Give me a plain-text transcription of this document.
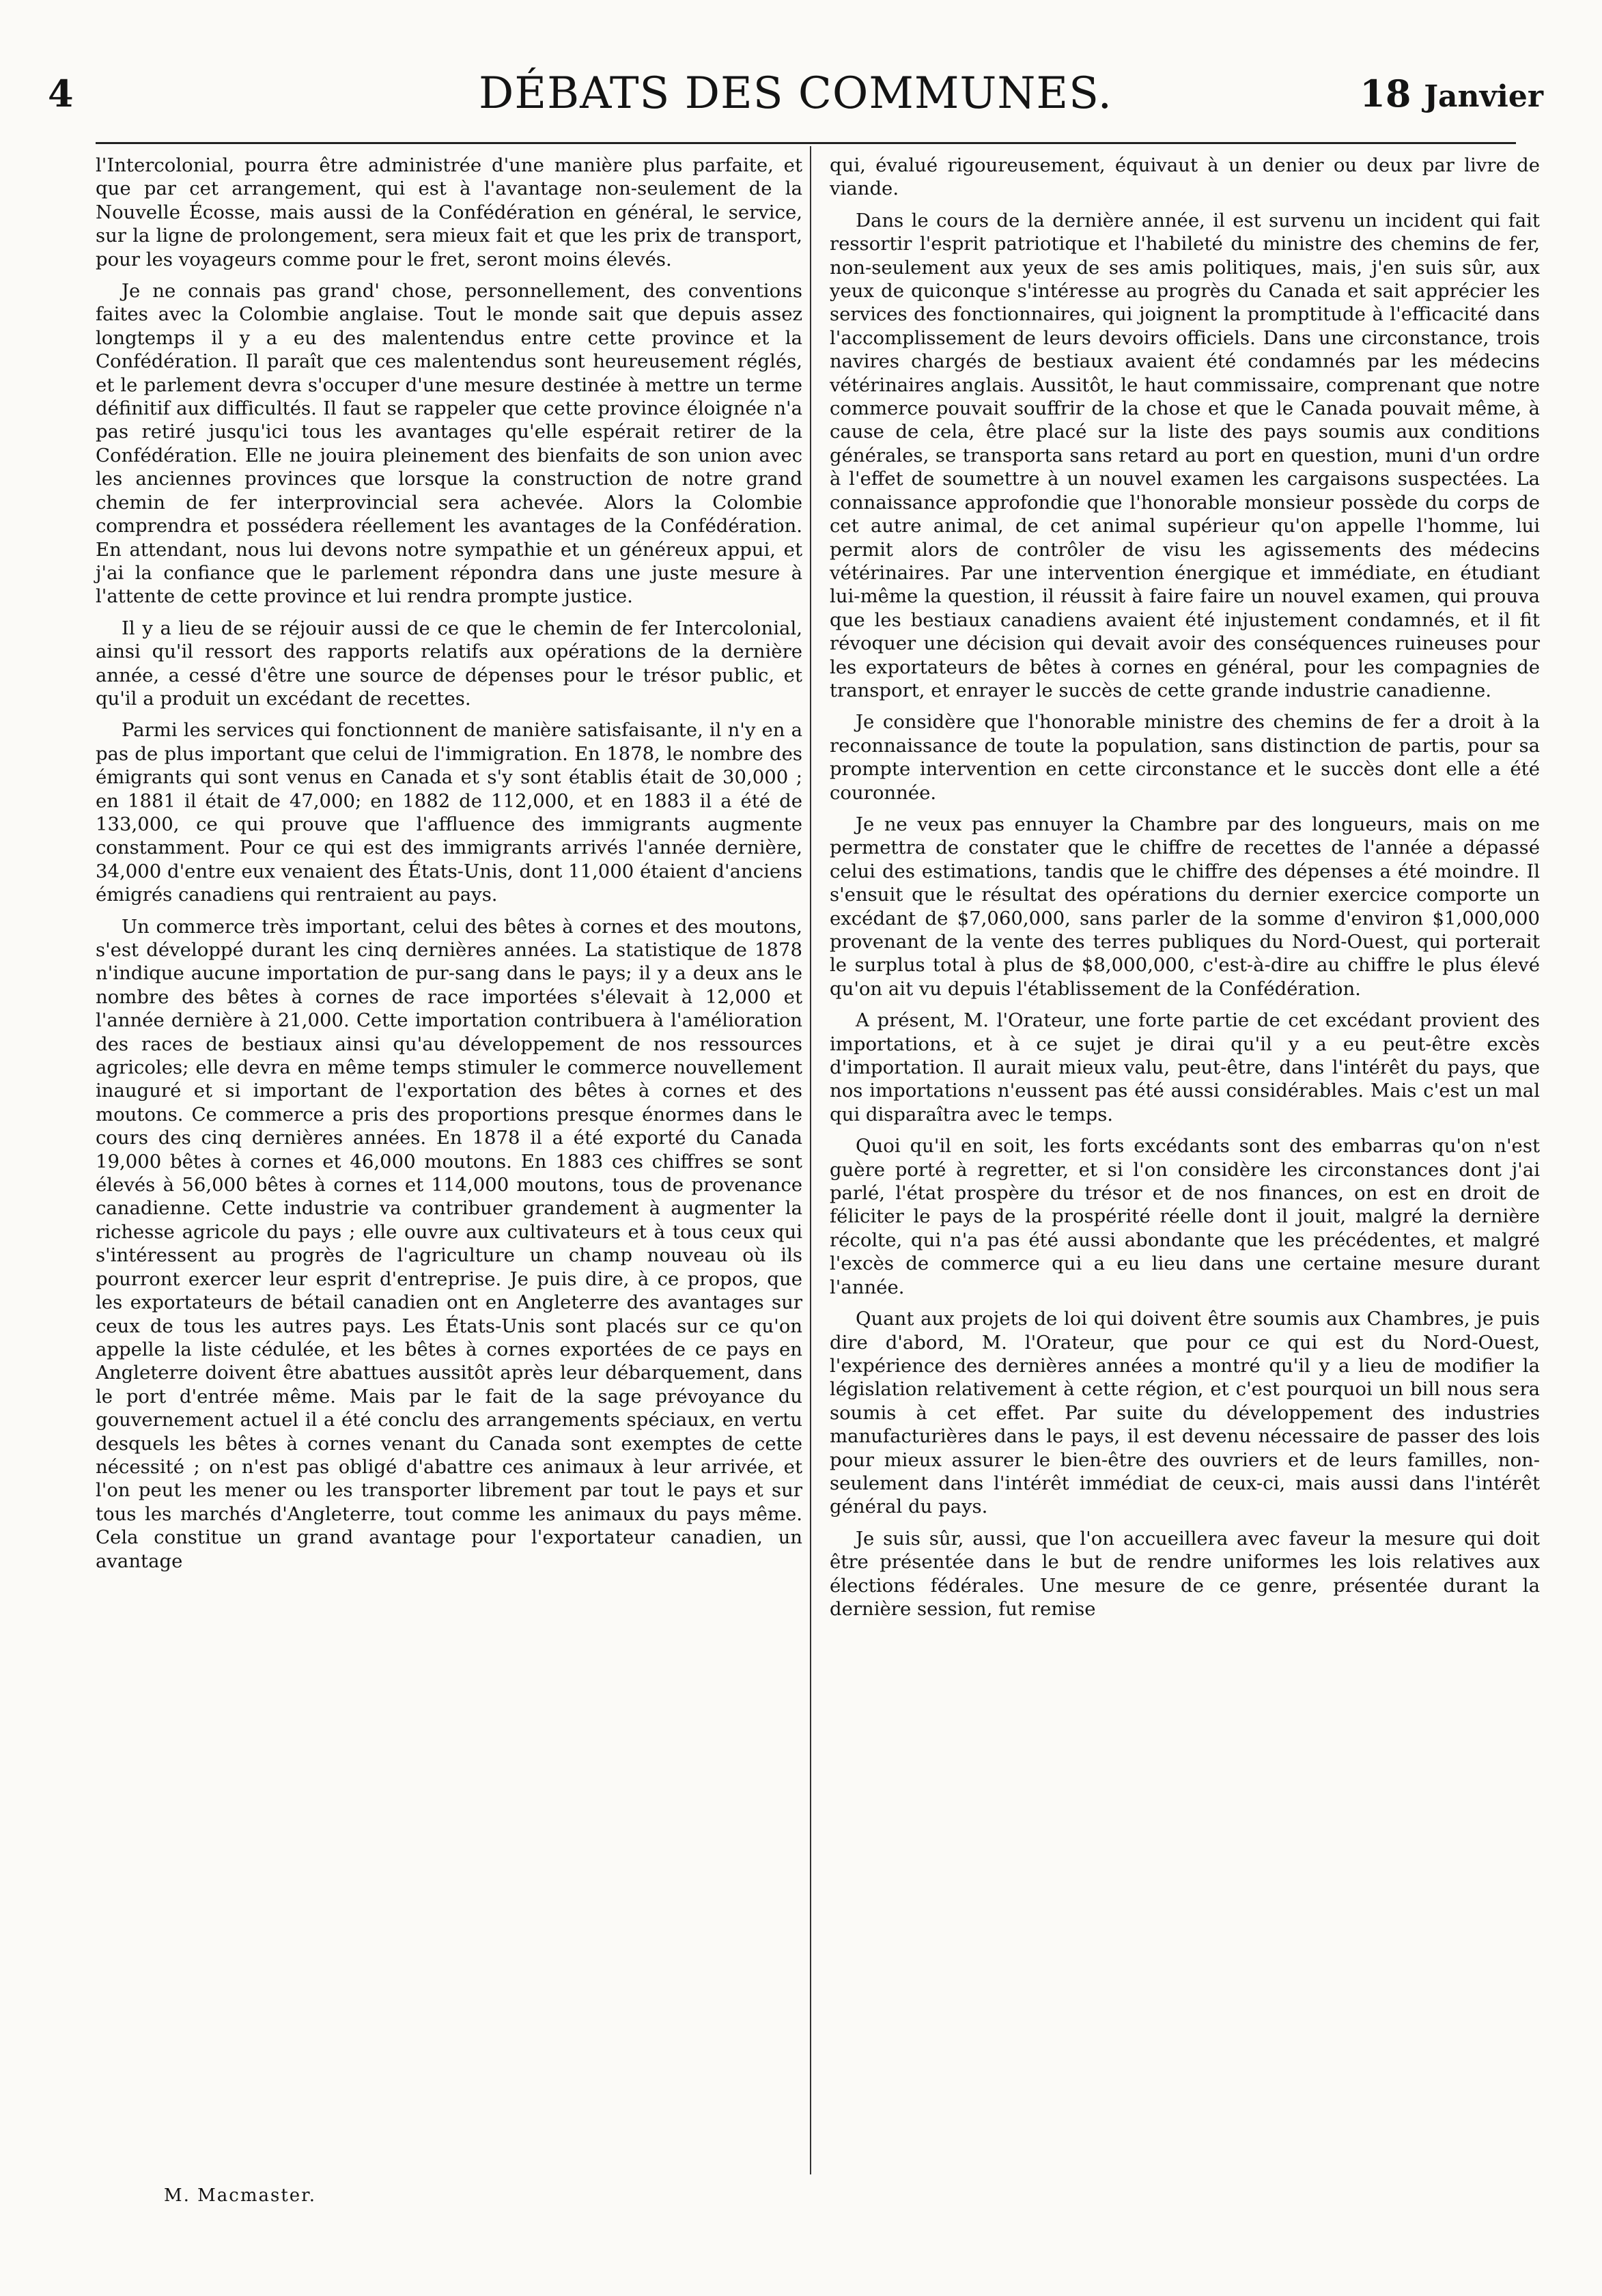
4	DÉBATS DES COMMUNES.	18 Janvier

l'Intercolonial, pourra être administrée d'une manière plus parfaite, et que par cet arrangement, qui est à l'avantage non-seulement de la Nouvelle Écosse, mais aussi de la Confédération en général, le service, sur la ligne de prolongement, sera mieux fait et que les prix de transport, pour les voyageurs comme pour le fret, seront moins élevés.

Je ne connais pas grand' chose, personnellement, des conventions faites avec la Colombie anglaise. Tout le monde sait que depuis assez longtemps il y a eu des malentendus entre cette province et la Confédération. Il paraît que ces malentendus sont heureusement réglés, et le parlement devra s'occuper d'une mesure destinée à mettre un terme définitif aux difficultés. Il faut se rappeler que cette province éloignée n'a pas retiré jusqu'ici tous les avantages qu'elle espérait retirer de la Confédération. Elle ne jouira pleinement des bienfaits de son union avec les anciennes provinces que lorsque la construction de notre grand chemin de fer interprovincial sera achevée. Alors la Colombie comprendra et possédera réellement les avantages de la Confédération. En attendant, nous lui devons notre sympathie et un généreux appui, et j'ai la confiance que le parlement répondra dans une juste mesure à l'attente de cette province et lui rendra prompte justice.

Il y a lieu de se réjouir aussi de ce que le chemin de fer Intercolonial, ainsi qu'il ressort des rapports relatifs aux opérations de la dernière année, a cessé d'être une source de dépenses pour le trésor public, et qu'il a produit un excédant de recettes.

Parmi les services qui fonctionnent de manière satisfaisante, il n'y en a pas de plus important que celui de l'immigration. En 1878, le nombre des émigrants qui sont venus en Canada et s'y sont établis était de 30,000 ; en 1881 il était de 47,000; en 1882 de 112,000, et en 1883 il a été de 133,000, ce qui prouve que l'affluence des immigrants augmente constamment. Pour ce qui est des immigrants arrivés l'année dernière, 34,000 d'entre eux venaient des États-Unis, dont 11,000 étaient d'anciens émigrés canadiens qui rentraient au pays.

Un commerce très important, celui des bêtes à cornes et des moutons, s'est développé durant les cinq dernières années. La statistique de 1878 n'indique aucune importation de pur-sang dans le pays; il y a deux ans le nombre des bêtes à cornes de race importées s'élevait à 12,000 et l'année dernière à 21,000. Cette importation contribuera à l'amélioration des races de bestiaux ainsi qu'au développement de nos ressources agricoles; elle devra en même temps stimuler le commerce nouvellement inauguré et si important de l'exportation des bêtes à cornes et des moutons. Ce commerce a pris des proportions presque énormes dans le cours des cinq dernières années. En 1878 il a été exporté du Canada 19,000 bêtes à cornes et 46,000 moutons. En 1883 ces chiffres se sont élevés à 56,000 bêtes à cornes et 114,000 moutons, tous de provenance canadienne. Cette industrie va contribuer grandement à augmenter la richesse agricole du pays ; elle ouvre aux cultivateurs et à tous ceux qui s'intéressent au progrès de l'agriculture un champ nouveau où ils pourront exercer leur esprit d'entreprise. Je puis dire, à ce propos, que les exportateurs de bétail canadien ont en Angleterre des avantages sur ceux de tous les autres pays. Les États-Unis sont placés sur ce qu'on appelle la liste cédulée, et les bêtes à cornes exportées de ce pays en Angleterre doivent être abattues aussitôt après leur débarquement, dans le port d'entrée même. Mais par le fait de la sage prévoyance du gouvernement actuel il a été conclu des arrangements spéciaux, en vertu desquels les bêtes à cornes venant du Canada sont exemptes de cette nécessité ; on n'est pas obligé d'abattre ces animaux à leur arrivée, et l'on peut les mener ou les transporter librement par tout le pays et sur tous les marchés d'Angleterre, tout comme les animaux du pays même. Cela constitue un grand avantage pour l'exportateur canadien, un avantage

M. Macmaster.

qui, évalué rigoureusement, équivaut à un denier ou deux par livre de viande.

Dans le cours de la dernière année, il est survenu un incident qui fait ressortir l'esprit patriotique et l'habileté du ministre des chemins de fer, non-seulement aux yeux de ses amis politiques, mais, j'en suis sûr, aux yeux de quiconque s'intéresse au progrès du Canada et sait apprécier les services des fonctionnaires, qui joignent la promptitude à l'efficacité dans l'accomplissement de leurs devoirs officiels. Dans une circonstance, trois navires chargés de bestiaux avaient été condamnés par les médecins vétérinaires anglais. Aussitôt, le haut commissaire, comprenant que notre commerce pouvait souffrir de la chose et que le Canada pouvait même, à cause de cela, être placé sur la liste des pays soumis aux conditions générales, se transporta sans retard au port en question, muni d'un ordre à l'effet de soumettre à un nouvel examen les cargaisons suspectées. La connaissance approfondie que l'honorable monsieur possède du corps de cet autre animal, de cet animal supérieur qu'on appelle l'homme, lui permit alors de contrôler de visu les agissements des médecins vétérinaires. Par une intervention énergique et immédiate, en étudiant lui-même la question, il réussit à faire faire un nouvel examen, qui prouva que les bestiaux canadiens avaient été injustement condamnés, et il fit révoquer une décision qui devait avoir des conséquences ruineuses pour les exportateurs de bêtes à cornes en général, pour les compagnies de transport, et enrayer le succès de cette grande industrie canadienne.

Je considère que l'honorable ministre des chemins de fer a droit à la reconnaissance de toute la population, sans distinction de partis, pour sa prompte intervention en cette circonstance et le succès dont elle a été couronnée.

Je ne veux pas ennuyer la Chambre par des longueurs, mais on me permettra de constater que le chiffre de recettes de l'année a dépassé celui des estimations, tandis que le chiffre des dépenses a été moindre. Il s'ensuit que le résultat des opérations du dernier exercice comporte un excédant de $7,060,000, sans parler de la somme d'environ $1,000,000 provenant de la vente des terres publiques du Nord-Ouest, qui porterait le surplus total à plus de $8,000,000, c'est-à-dire au chiffre le plus élevé qu'on ait vu depuis l'établissement de la Confédération.

A présent, M. l'Orateur, une forte partie de cet excédant provient des importations, et à ce sujet je dirai qu'il y a eu peut-être excès d'importation. Il aurait mieux valu, peut-être, dans l'intérêt du pays, que nos importations n'eussent pas été aussi considérables. Mais c'est un mal qui disparaîtra avec le temps.

Quoi qu'il en soit, les forts excédants sont des embarras qu'on n'est guère porté à regretter, et si l'on considère les circonstances dont j'ai parlé, l'état prospère du trésor et de nos finances, on est en droit de féliciter le pays de la prospérité réelle dont il jouit, malgré la dernière récolte, qui n'a pas été aussi abondante que les précédentes, et malgré l'excès de commerce qui a eu lieu dans une certaine mesure durant l'année.

Quant aux projets de loi qui doivent être soumis aux Chambres, je puis dire d'abord, M. l'Orateur, que pour ce qui est du Nord-Ouest, l'expérience des dernières années a montré qu'il y a lieu de modifier la législation relativement à cette région, et c'est pourquoi un bill nous sera soumis à cet effet. Par suite du développement des industries manufacturières dans le pays, il est devenu nécessaire de passer des lois pour mieux assurer le bien-être des ouvriers et de leurs familles, non-seulement dans l'intérêt immédiat de ceux-ci, mais aussi dans l'intérêt général du pays.

Je suis sûr, aussi, que l'on accueillera avec faveur la mesure qui doit être présentée dans le but de rendre uniformes les lois relatives aux élections fédérales. Une mesure de ce genre, présentée durant la dernière session, fut remise
